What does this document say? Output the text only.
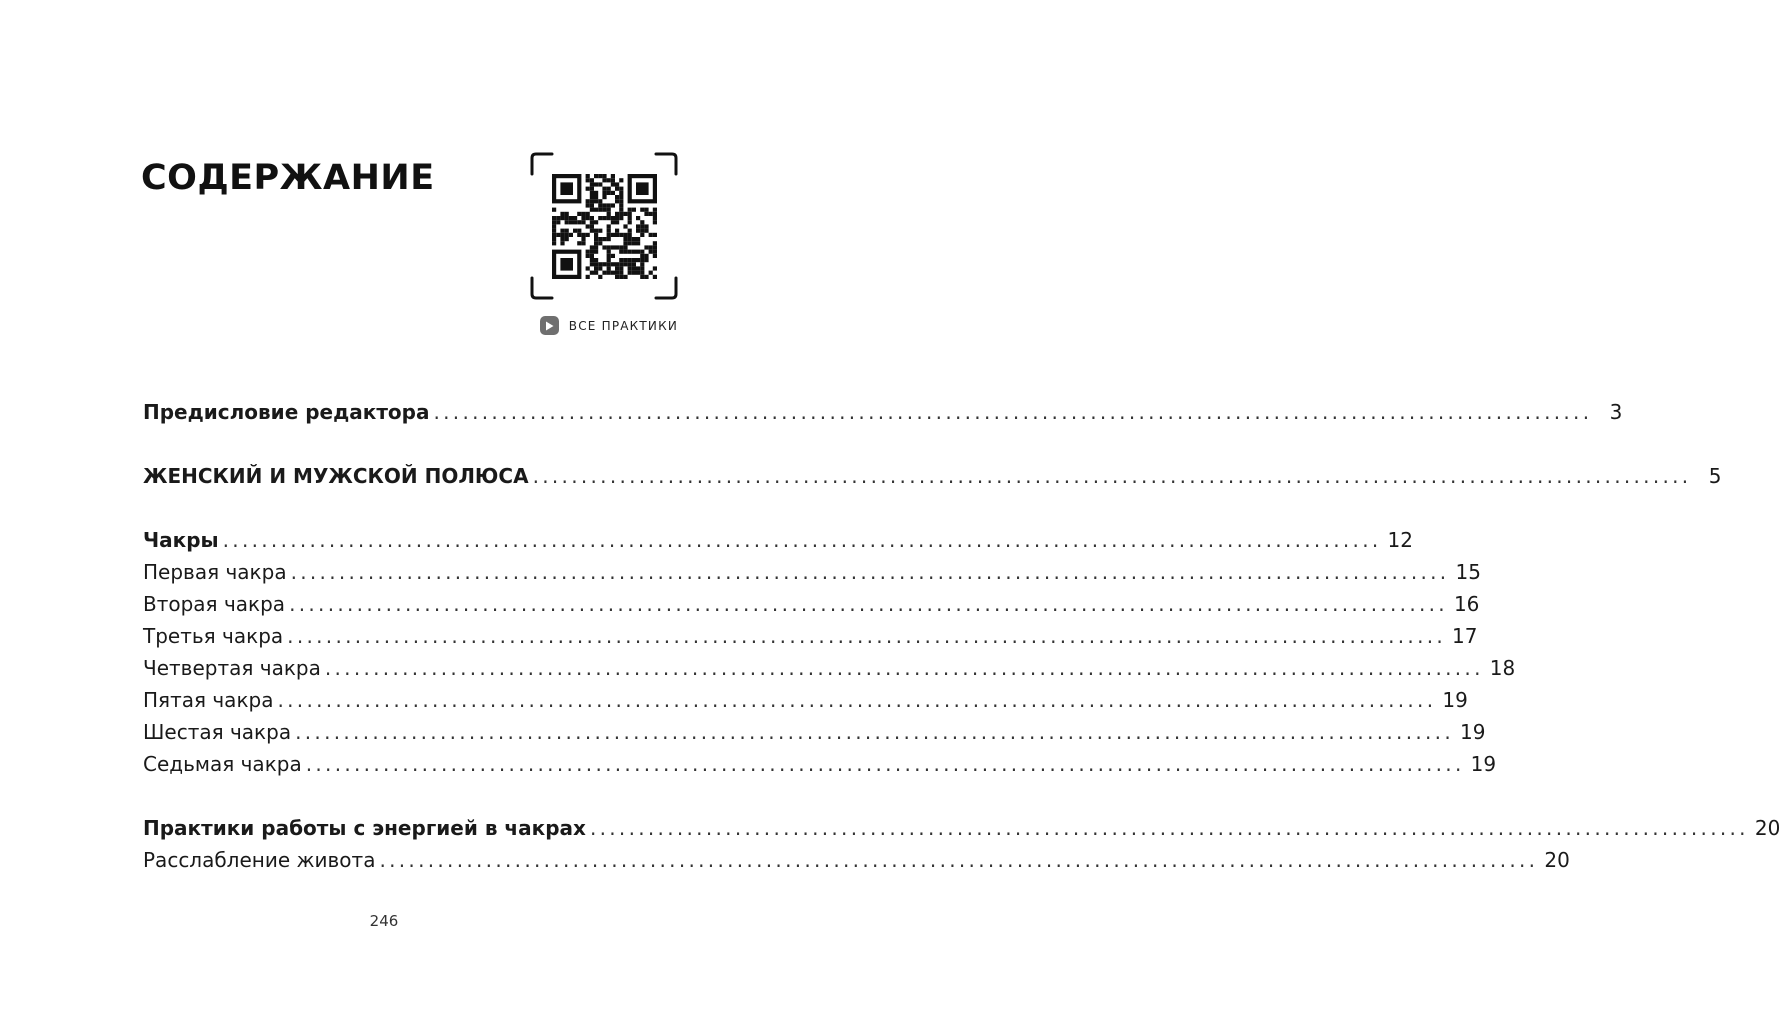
СОДЕРЖАНИЕ
ВСЕ ПРАКТИКИ
Предисловие редактора ........................................................................................................................ 3
ЖЕНСКИЙ И МУЖСКОЙ ПОЛЮСА ........................................................................................................................ 5
Чакры ........................................................................................................................ 12
Первая чакра ........................................................................................................................ 15
Вторая чакра ........................................................................................................................ 16
Третья чакра ........................................................................................................................ 17
Четвертая чакра ........................................................................................................................ 18
Пятая чакра ........................................................................................................................ 19
Шестая чакра ........................................................................................................................ 19
Седьмая чакра ........................................................................................................................ 19
Практики работы с энергией в чакрах ........................................................................................................................ 20
Расслабление живота ........................................................................................................................ 20
246
